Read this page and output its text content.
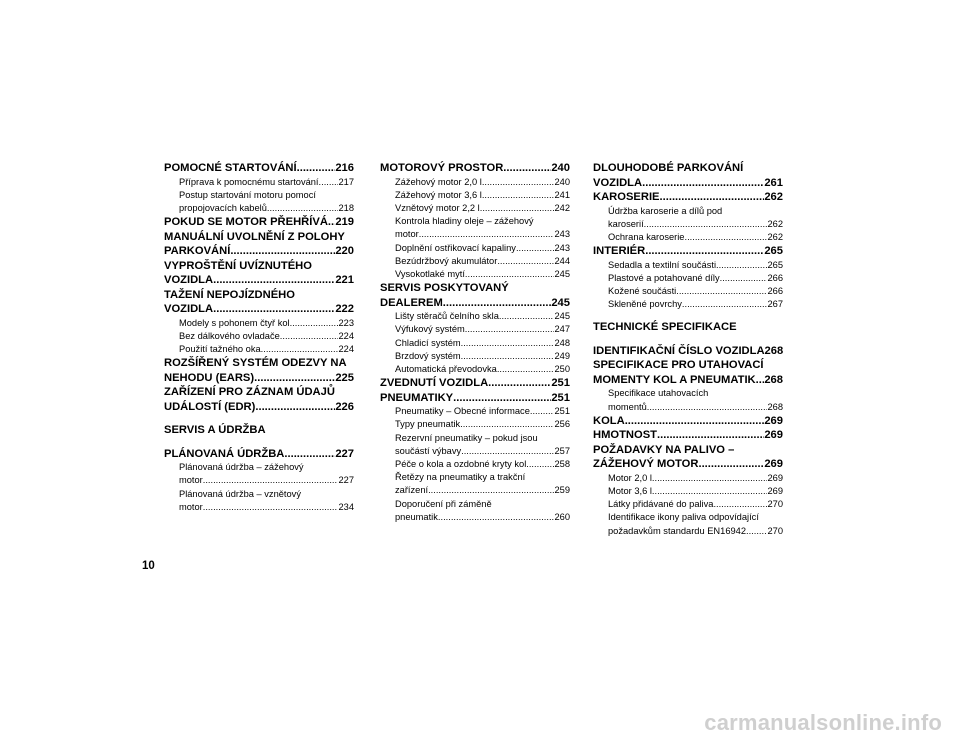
POMOCNÉ STARTOVÁNÍ .....	216
Příprava k pomocnému startování ..... 217
Postup startování motoru pomocí
propojovacích kabelů .....	218
POKUD SE MOTOR PŘEHŘÍVÁ ..... 219
MANUÁLNÍ UVOLNĚNÍ Z POLOHY
PARKOVÁNÍ .....	220
VYPROŠTĚNÍ UVÍZNUTÉHO
VOZIDLA .....	221
TAŽENÍ NEPOJÍZDNÉHO
VOZIDLA .....	222
Modely s pohonem čtyř kol .....	223
Bez dálkového ovladače .....	224
Použití tažného oka .....	224
ROZŠÍŘENÝ SYSTÉM ODEZVY NA
NEHODU (EARS) .....	225
ZAŘÍZENÍ PRO ZÁZNAM ÚDAJŮ
UDÁLOSTÍ (EDR) .....	226
SERVIS A ÚDRŽBA
PLÁNOVANÁ ÚDRŽBA .....	227
Plánovaná údržba – zážehový
motor .....	227
Plánovaná údržba – vznětový
motor .....	234
MOTOROVÝ PROSTOR .....	240
Zážehový motor 2,0 l .....	240
Zážehový motor 3,6 l .....	241
Vznětový motor 2,2 l .....	242
Kontrola hladiny oleje – zážehový
motor .....	243
Doplnění ostřikovací kapaliny .....	243
Bezúdržbový akumulátor .....	244
Vysokotlaké mytí .....	245
SERVIS POSKYTOVANÝ
DEALEREM .....	245
Lišty stěračů čelního skla .....	245
Výfukový systém .....	247
Chladicí systém .....	248
Brzdový systém .....	249
Automatická převodovka .....	250
ZVEDNUTÍ VOZIDLA .....	251
PNEUMATIKY .....	251
Pneumatiky – Obecné informace .....	251
Typy pneumatik .....	256
Rezervní pneumatiky – pokud jsou
součástí výbavy .....	257
Péče o kola a ozdobné kryty kol .....	258
Řetězy na pneumatiky a trakční
zařízení .....	259
Doporučení při záměně
pneumatik .....	260
DLOUHODOBÉ PARKOVÁNÍ
VOZIDLA .....	261
KAROSERIE .....	262
Údržba karoserie a dílů pod
karoserií .....	262
Ochrana karoserie .....	262
INTERIÉR .....	265
Sedadla a textilní součásti .....	265
Plastové a potahované díly .....	266
Kožené součásti .....	266
Skleněné povrchy .....	267
TECHNICKÉ SPECIFIKACE
IDENTIFIKAČNÍ ČÍSLO VOZIDLA 268
SPECIFIKACE PRO UTAHOVACÍ
MOMENTY KOL A PNEUMATIK ..... 268
Specifikace utahovacích
momentů .....	268
KOLA .....	269
HMOTNOST .....	269
POŽADAVKY NA PALIVO –
ZÁŽEHOVÝ MOTOR .....	269
Motor 2,0 l .....	269
Motor 3,6 l .....	269
Látky přidávané do paliva .....	270
Identifikace ikony paliva odpovídající
požadavkům standardu EN16942 ..... 270
10
carmanualsonline.info
